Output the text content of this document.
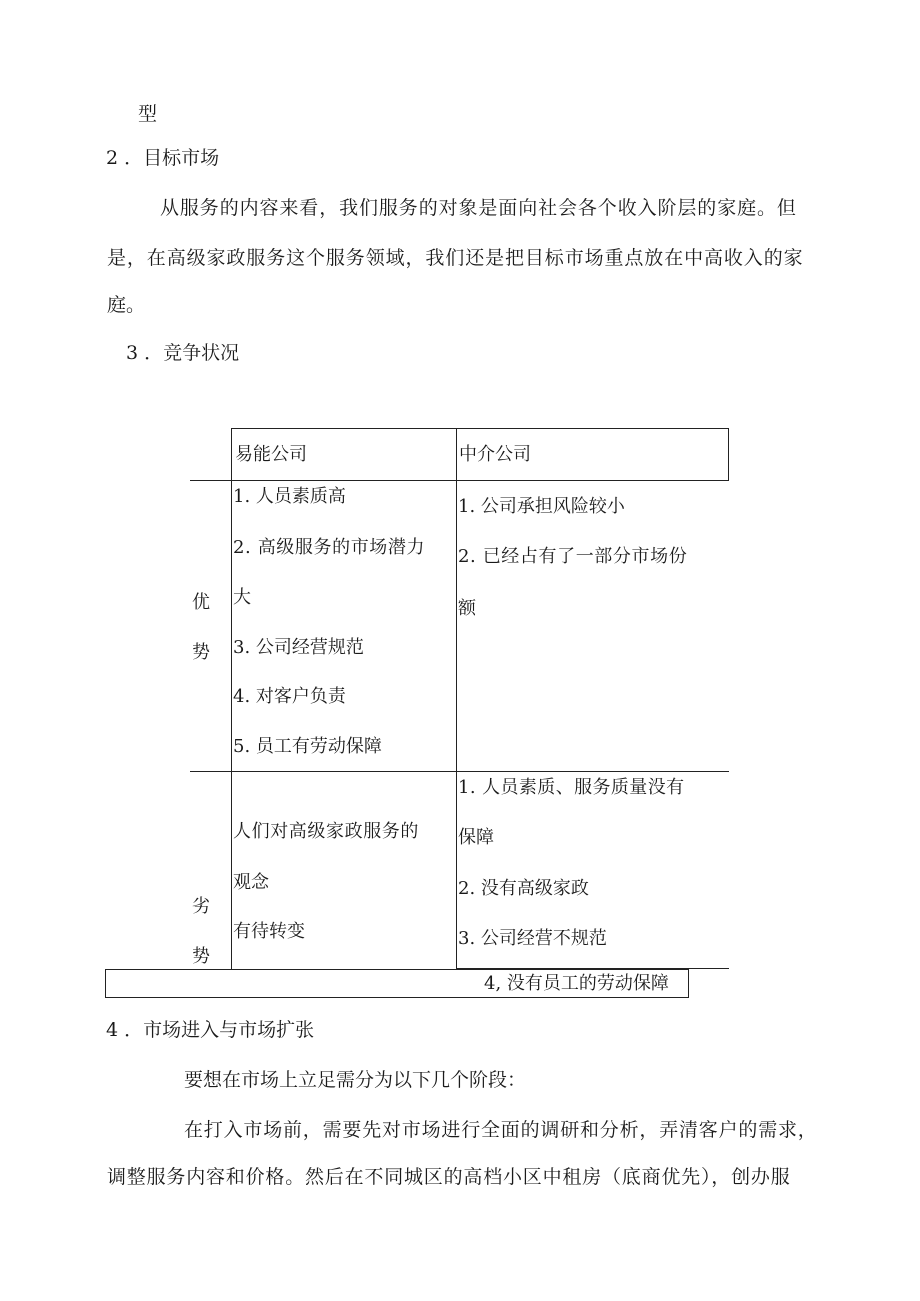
型
2 ．目标市场
从服务的内容来看，我们服务的对象是面向社会各个收入阶层的家庭。但
是，在高级家政服务这个服务领域，我们还是把目标市场重点放在中高收入的家
庭。
3 ．竞争状况
易能公司	中介公司
优
势
1. 人员素质高
2. 高级服务的市场潜力
大
3. 公司经营规范
4. 对客户负责
5. 员工有劳动保障
1. 公司承担风险较小
2. 已经占有了一部分市场份
额
劣
势
人们对高级家政服务的
观念
有待转变
1. 人员素质、服务质量没有
保障
2. 没有高级家政
3. 公司经营不规范
4, 没有员工的劳动保障
4 ．市场进入与市场扩张
要想在市场上立足需分为以下几个阶段：
在打入市场前，需要先对市场进行全面的调研和分析，弄清客户的需求，
调整服务内容和价格。然后在不同城区的高档小区中租房（底商优先），创办服
